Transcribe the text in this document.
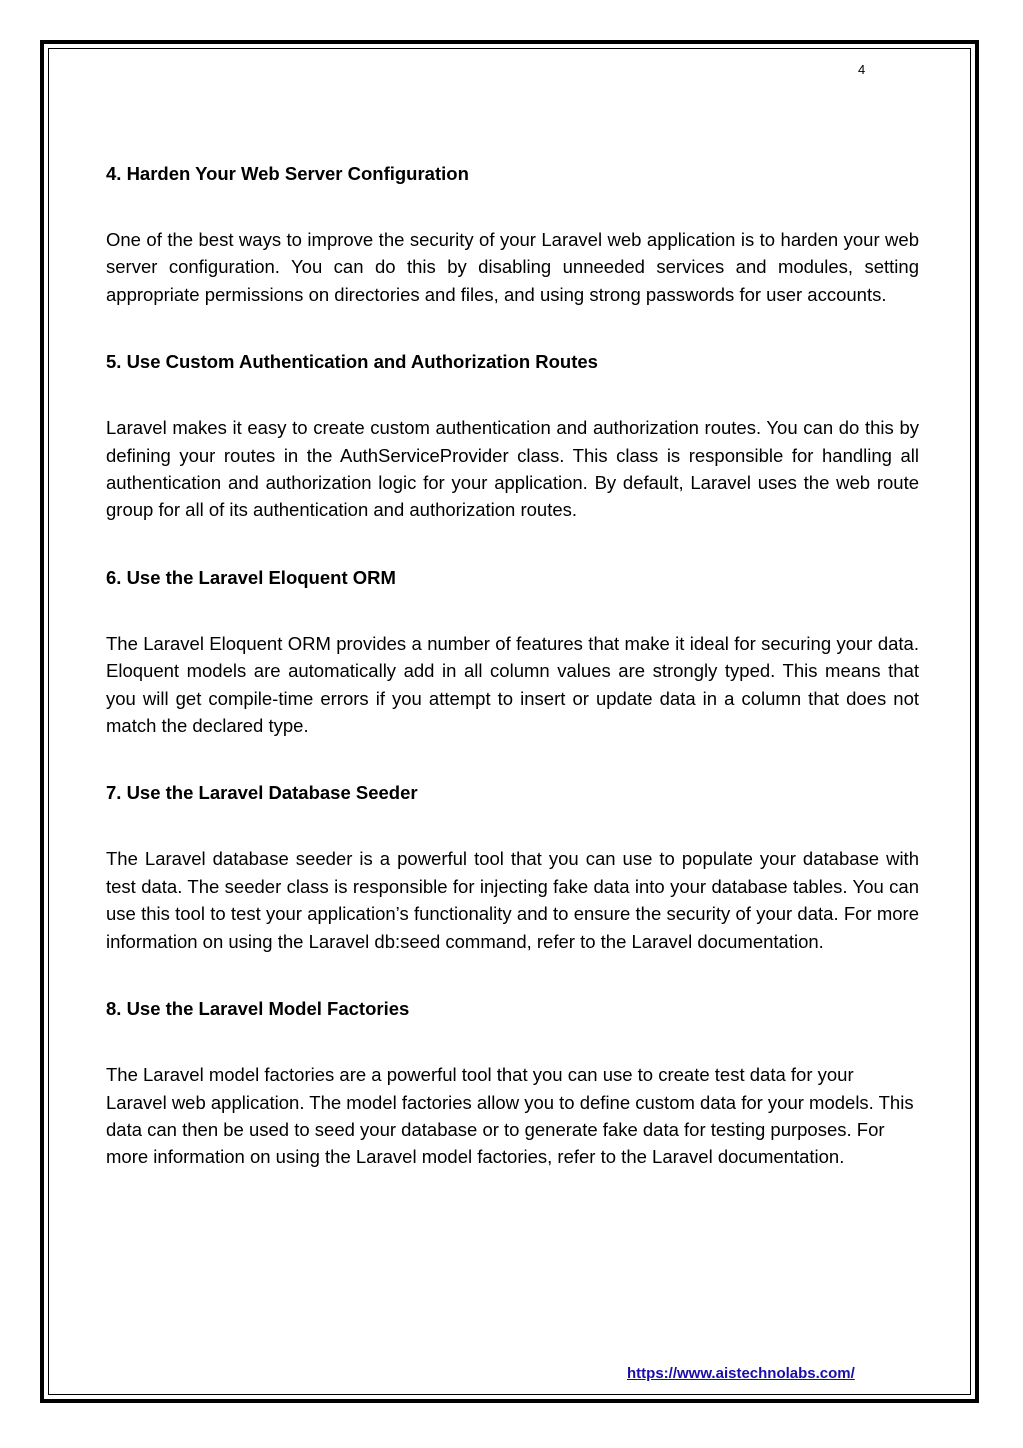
4
4. Harden Your Web Server Configuration

One of the best ways to improve the security of your Laravel web application is to harden your web server configuration. You can do this by disabling unneeded services and modules, setting appropriate permissions on directories and files, and using strong passwords for user accounts.

5. Use Custom Authentication and Authorization Routes

Laravel makes it easy to create custom authentication and authorization routes. You can do this by defining your routes in the AuthServiceProvider class. This class is responsible for handling all authentication and authorization logic for your application. By default, Laravel uses the web route group for all of its authentication and authorization routes.

6. Use the Laravel Eloquent ORM

The Laravel Eloquent ORM provides a number of features that make it ideal for securing your data. Eloquent models are automatically add in all column values are strongly typed. This means that you will get compile-time errors if you attempt to insert or update data in a column that does not match the declared type.

7. Use the Laravel Database Seeder

The Laravel database seeder is a powerful tool that you can use to populate your database with test data. The seeder class is responsible for injecting fake data into your database tables. You can use this tool to test your application’s functionality and to ensure the security of your data. For more information on using the Laravel db:seed command, refer to the Laravel documentation.

8. Use the Laravel Model Factories

The Laravel model factories are a powerful tool that you can use to create test data for your Laravel web application. The model factories allow you to define custom data for your models. This data can then be used to seed your database or to generate fake data for testing purposes. For more information on using the Laravel model factories, refer to the Laravel documentation.

https://www.aistechnolabs.com/
